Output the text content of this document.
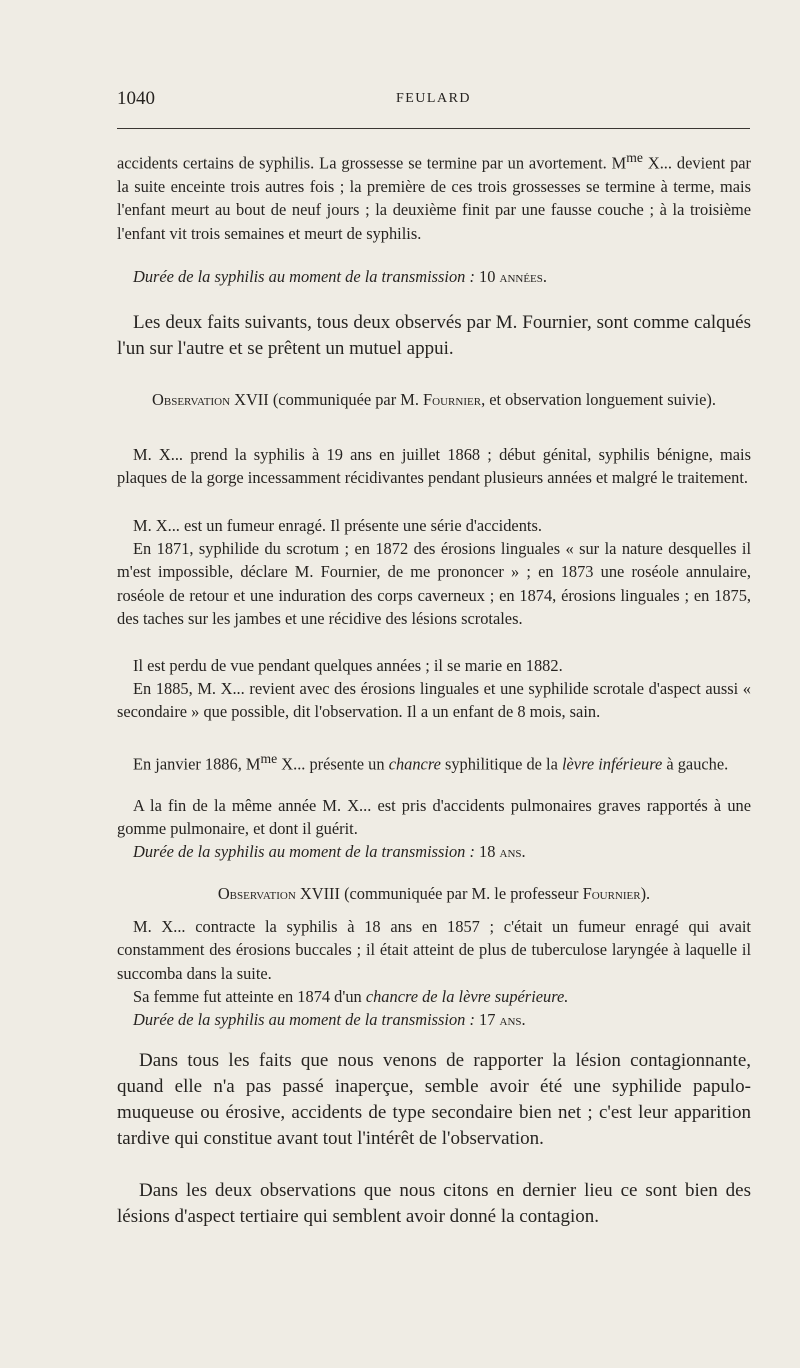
1040	FEULARD

accidents certains de syphilis. La grossesse se termine par un avortement. $M^{me}$ X... devient par la suite enceinte trois autres fois ; la première de ces trois grossesses se termine à terme, mais l'enfant meurt au bout de neuf jours ; la deuxième finit par une fausse couche ; à la troisième l'enfant vit trois semaines et meurt de syphilis.

Durée de la syphilis au moment de la transmission : 10 années.

Les deux faits suivants, tous deux observés par M. Fournier, sont comme calqués l'un sur l'autre et se prêtent un mutuel appui.

Observation XVII (communiquée par M. Fournier, et observation longuement suivie).

M. X... prend la syphilis à 19 ans en juillet 1868 ; début génital, syphilis bénigne, mais plaques de la gorge incessamment récidivantes pendant plusieurs années et malgré le traitement.

M. X... est un fumeur enragé. Il présente une série d'accidents.

En 1871, syphilide du scrotum ; en 1872 des érosions linguales « sur la nature desquelles il m'est impossible, déclare M. Fournier, de me prononcer » ; en 1873 une roséole annulaire, roséole de retour et une induration des corps caverneux ; en 1874, érosions linguales ; en 1875, des taches sur les jambes et une récidive des lésions scrotales.

Il est perdu de vue pendant quelques années ; il se marie en 1882.

En 1885, M. X... revient avec des érosions linguales et une syphilide scrotale d'aspect aussi « secondaire » que possible, dit l'observation. Il a un enfant de 8 mois, sain.

En janvier 1886, $M^{me}$ X... présente un chancre syphilitique de la lèvre inférieure à gauche.

A la fin de la même année M. X... est pris d'accidents pulmonaires graves rapportés à une gomme pulmonaire, et dont il guérit.

Durée de la syphilis au moment de la transmission : 18 ans.

Observation XVIII (communiquée par M. le professeur Fournier).

M. X... contracte la syphilis à 18 ans en 1857 ; c'était un fumeur enragé qui avait constamment des érosions buccales ; il était atteint de plus de tuberculose laryngée à laquelle il succomba dans la suite.

Sa femme fut atteinte en 1874 d'un chancre de la lèvre supérieure.

Durée de la syphilis au moment de la transmission : 17 ans.

Dans tous les faits que nous venons de rapporter la lésion contagionnante, quand elle n'a pas passé inaperçue, semble avoir été une syphilide papulo-muqueuse ou érosive, accidents de type secondaire bien net ; c'est leur apparition tardive qui constitue avant tout l'intérêt de l'observation.

Dans les deux observations que nous citons en dernier lieu ce sont bien des lésions d'aspect tertiaire qui semblent avoir donné la contagion.
